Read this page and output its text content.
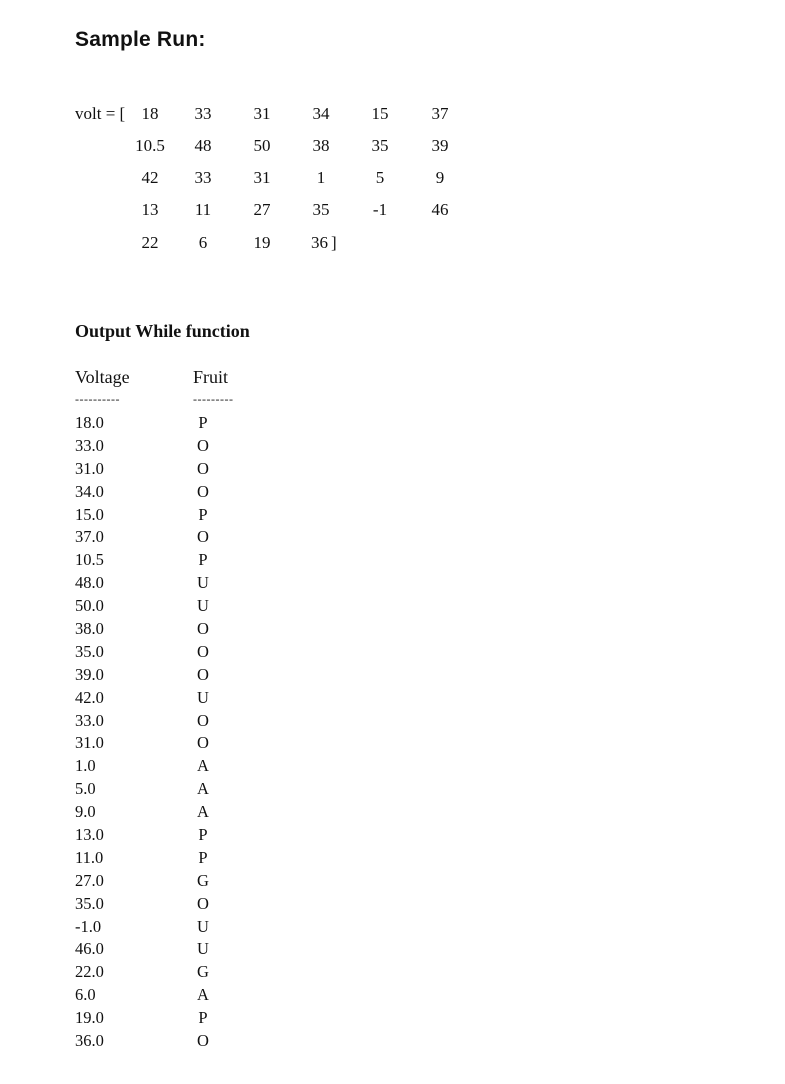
Sample Run:
volt = [ 18	33	31	34	15	37
10.5	48	50	38	35	39
42	33	31	1	5	9
13	11	27	35	-1	46
22	6	19	36 ]
Output While function
Voltage	Fruit
----------	---------
18.0	P
33.0	O
31.0	O
34.0	O
15.0	P
37.0	O
10.5	P
48.0	U
50.0	U
38.0	O
35.0	O
39.0	O
42.0	U
33.0	O
31.0	O
1.0	A
5.0	A
9.0	A
13.0	P
11.0	P
27.0	G
35.0	O
-1.0	U
46.0	U
22.0	G
6.0	A
19.0	P
36.0	O
